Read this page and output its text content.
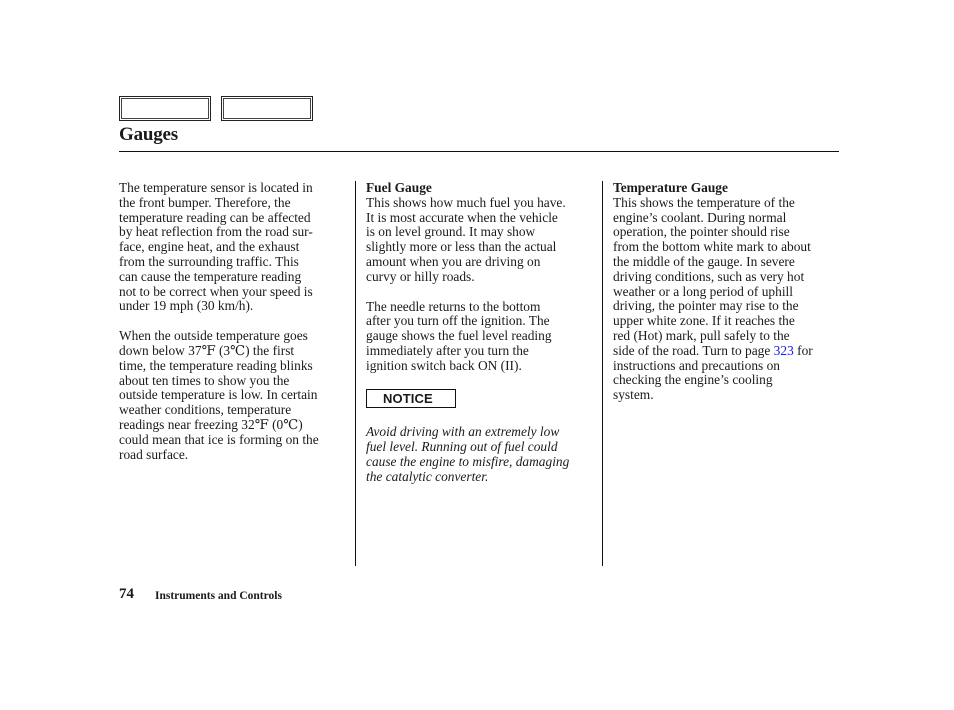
Gauges

The temperature sensor is located in
the front bumper. Therefore, the
temperature reading can be affected
by heat reflection from the road sur-
face, engine heat, and the exhaust
from the surrounding traffic. This
can cause the temperature reading
not to be correct when your speed is
under 19 mph (30 km/h).

When the outside temperature goes
down below 37℉ (3℃) the first
time, the temperature reading blinks
about ten times to show you the
outside temperature is low. In certain
weather conditions, temperature
readings near freezing 32℉ (0℃)
could mean that ice is forming on the
road surface.

Fuel Gauge
This shows how much fuel you have.
It is most accurate when the vehicle
is on level ground. It may show
slightly more or less than the actual
amount when you are driving on
curvy or hilly roads.

The needle returns to the bottom
after you turn off the ignition. The
gauge shows the fuel level reading
immediately after you turn the
ignition switch back ON (II).

NOTICE

Avoid driving with an extremely low
fuel level. Running out of fuel could
cause the engine to misfire, damaging
the catalytic converter.

Temperature Gauge
This shows the temperature of the
engine’s coolant. During normal
operation, the pointer should rise
from the bottom white mark to about
the middle of the gauge. In severe
driving conditions, such as very hot
weather or a long period of uphill
driving, the pointer may rise to the
upper white zone. If it reaches the
red (Hot) mark, pull safely to the
side of the road. Turn to page 323 for
instructions and precautions on
checking the engine’s cooling
system.

74 Instruments and Controls
